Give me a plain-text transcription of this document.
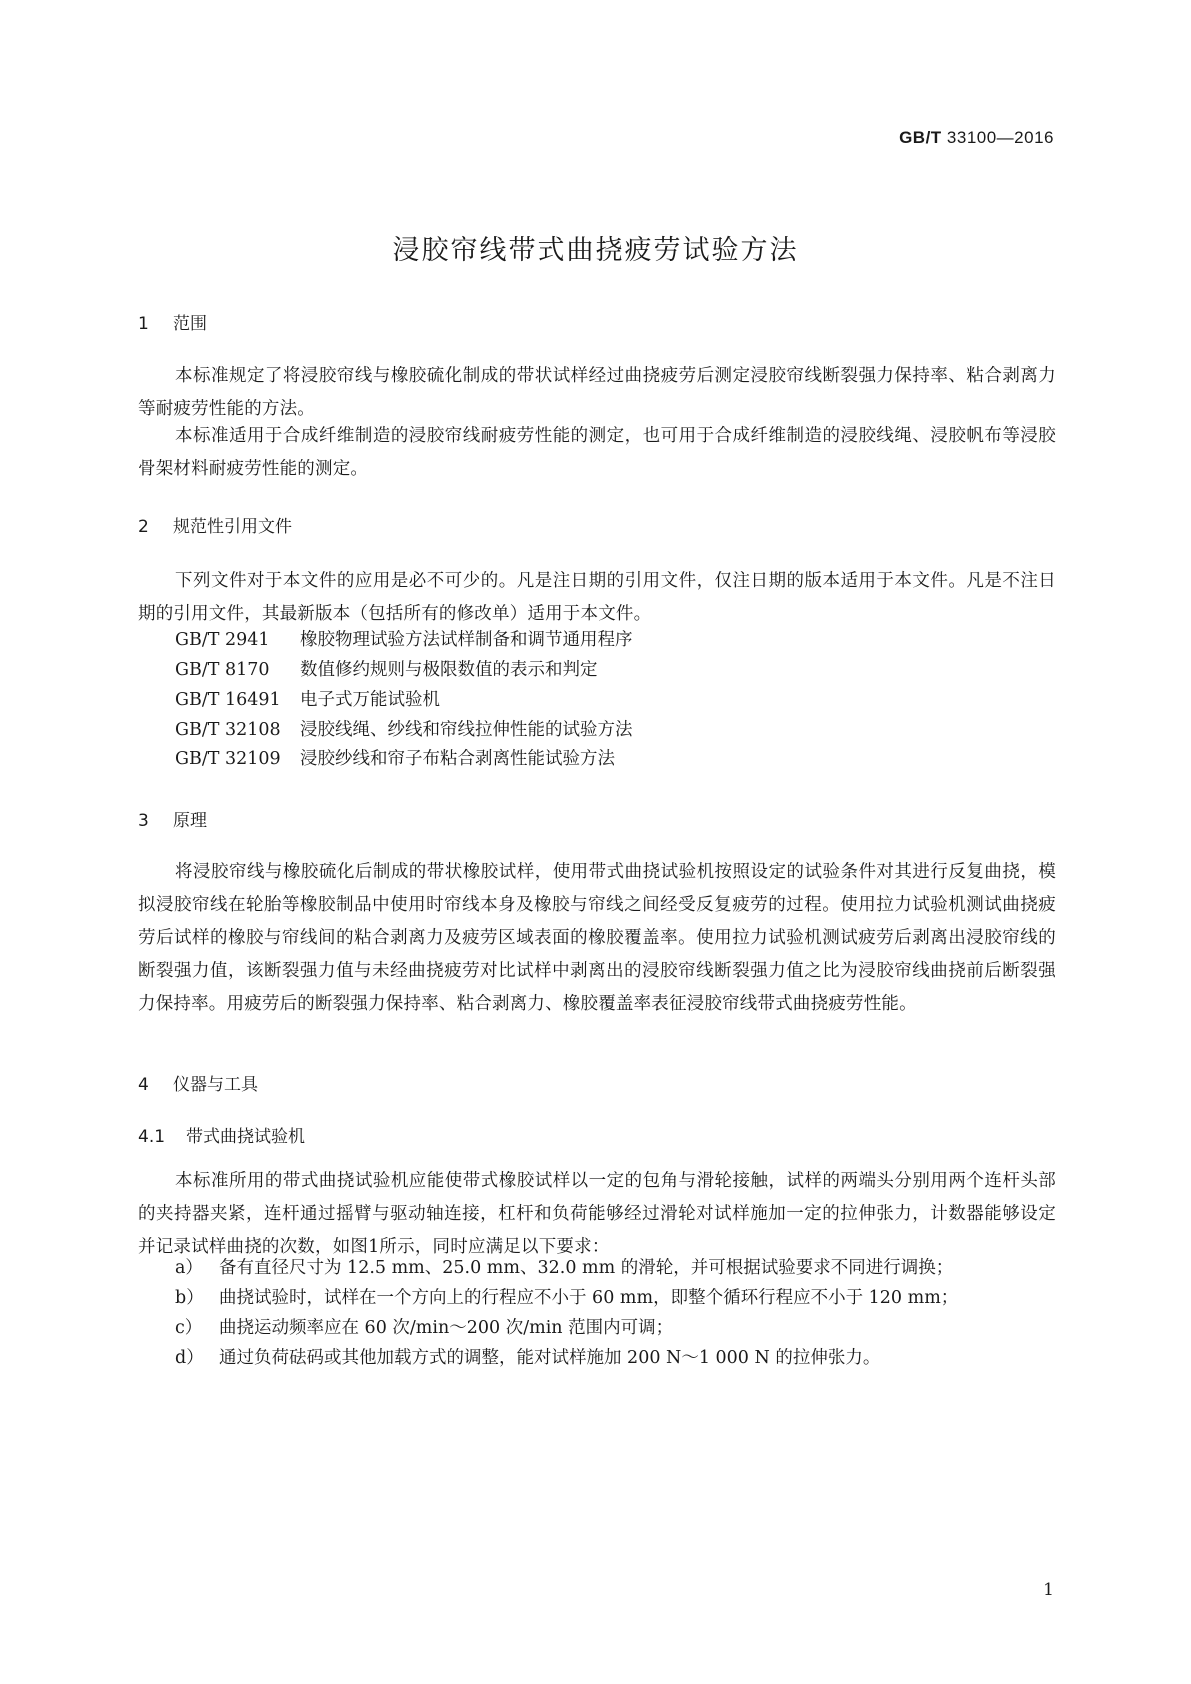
GB/T 33100—2016
浸胶帘线带式曲挠疲劳试验方法
1 范围
本标准规定了将浸胶帘线与橡胶硫化制成的带状试样经过曲挠疲劳后测定浸胶帘线断裂强力保持率、粘合剥离力等耐疲劳性能的方法。
本标准适用于合成纤维制造的浸胶帘线耐疲劳性能的测定，也可用于合成纤维制造的浸胶线绳、浸胶帆布等浸胶骨架材料耐疲劳性能的测定。
2 规范性引用文件
下列文件对于本文件的应用是必不可少的。凡是注日期的引用文件，仅注日期的版本适用于本文件。凡是不注日期的引用文件，其最新版本（包括所有的修改单）适用于本文件。
GB/T 2941 橡胶物理试验方法试样制备和调节通用程序
GB/T 8170 数值修约规则与极限数值的表示和判定
GB/T 16491 电子式万能试验机
GB/T 32108 浸胶线绳、纱线和帘线拉伸性能的试验方法
GB/T 32109 浸胶纱线和帘子布粘合剥离性能试验方法
3 原理
将浸胶帘线与橡胶硫化后制成的带状橡胶试样，使用带式曲挠试验机按照设定的试验条件对其进行反复曲挠，模拟浸胶帘线在轮胎等橡胶制品中使用时帘线本身及橡胶与帘线之间经受反复疲劳的过程。使用拉力试验机测试曲挠疲劳后试样的橡胶与帘线间的粘合剥离力及疲劳区域表面的橡胶覆盖率。使用拉力试验机测试疲劳后剥离出浸胶帘线的断裂强力值，该断裂强力值与未经曲挠疲劳对比试样中剥离出的浸胶帘线断裂强力值之比为浸胶帘线曲挠前后断裂强力保持率。用疲劳后的断裂强力保持率、粘合剥离力、橡胶覆盖率表征浸胶帘线带式曲挠疲劳性能。
4 仪器与工具
4.1 带式曲挠试验机
本标准所用的带式曲挠试验机应能使带式橡胶试样以一定的包角与滑轮接触，试样的两端头分别用两个连杆头部的夹持器夹紧，连杆通过摇臂与驱动轴连接，杠杆和负荷能够经过滑轮对试样施加一定的拉伸张力，计数器能够设定并记录试样曲挠的次数，如图1所示，同时应满足以下要求：
a） 备有直径尺寸为 12.5 mm、25.0 mm、32.0 mm 的滑轮，并可根据试验要求不同进行调换；
b） 曲挠试验时，试样在一个方向上的行程应不小于 60 mm，即整个循环行程应不小于 120 mm；
c） 曲挠运动频率应在 60 次/min～200 次/min 范围内可调；
d） 通过负荷砝码或其他加载方式的调整，能对试样施加 200 N～1 000 N 的拉伸张力。
1
